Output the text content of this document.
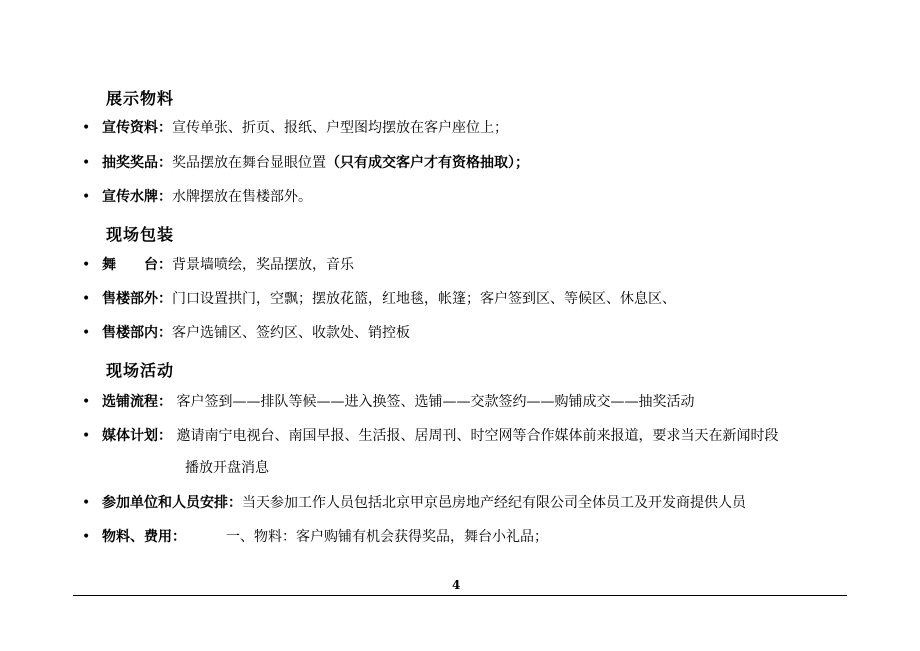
展示物料
• 宣传资料：宣传单张、折页、报纸、户型图均摆放在客户座位上；
• 抽奖奖品：奖品摆放在舞台显眼位置（只有成交客户才有资格抽取）；
• 宣传水牌：水牌摆放在售楼部外。
现场包装
• 舞　　台：背景墙喷绘，奖品摆放，音乐
• 售楼部外：门口设置拱门，空飘；摆放花篮，红地毯，帐篷；客户签到区、等候区、休息区、
• 售楼部内：客户选铺区、签约区、收款处、销控板
现场活动
• 选铺流程： 客户签到——排队等候——进入换签、选铺——交款签约——购铺成交——抽奖活动
• 媒体计划： 邀请南宁电视台、南国早报、生活报、居周刊、时空网等合作媒体前来报道，要求当天在新闻时段
播放开盘消息
• 参加单位和人员安排：当天参加工作人员包括北京甲京邑房地产经纪有限公司全体员工及开发商提供人员
• 物料、费用：	一、物料：客户购铺有机会获得奖品，舞台小礼品；
4
